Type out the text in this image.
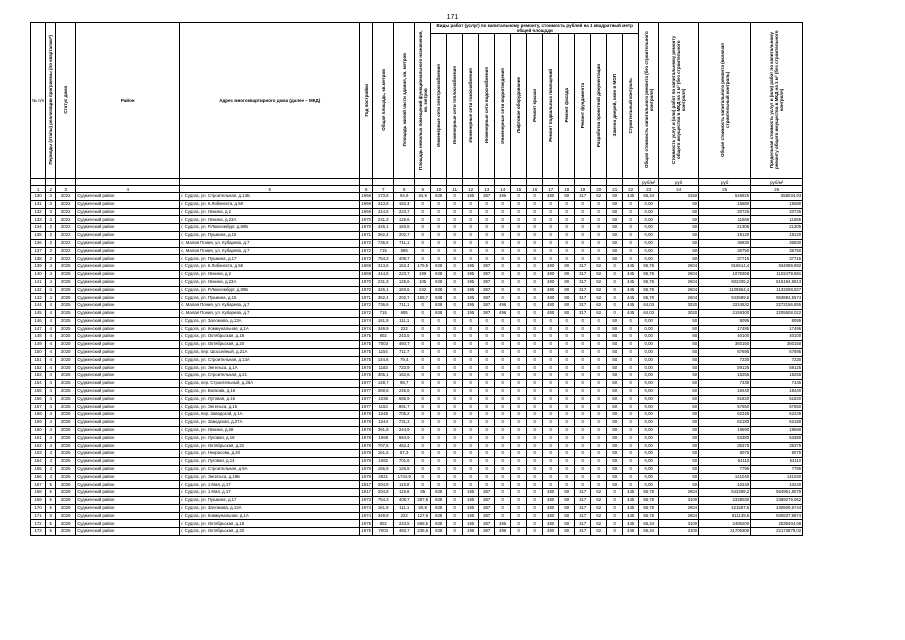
171
№ п/п	Периоды (этапы) реализации программы (по кварталам*)	Статус дома	Район	Адрес многоквартирного дома (далее – МКД)	Год постройки	Общая площадь, кв.метров	Площадь жилой части здания, кв. метров	Площадь нежилых помещений функционального назначения, кв. метров	Виды работ (услуг) по капитальному ремонту, стоимость рублей на 1 квадратный метр общей площади													Общая стоимость капитального ремонта (без строительного контроля)	Стоимость услуг и (или) работ по капитальному ремонту общего имущества в МКД на 1 м² (без строительного контроля)	Общая стоимость капитального ремонта (включая строительный контроль)	Предельная стоимость услуг и (или) работ по капитальному ремонту общего имущества в МКД на 1 м² (без строительного контроля)
									Инженерные сети электроснабжения	Инженерные сети теплоснабжения	Инженерные сети газоснабжения	Инженерные сети водоснабжения	Инженерные сети водоотведения	Лифтовое оборудование	Ремонт крыши	Ремонт подвальных помещений	Ремонт фасада	Ремонт фундамента	Разработка проектной документации	Замена дверей, окон в МОП	Строительный контроль				
																						руб/м²	руб	руб	руб/м²
1	2	3	4	5	6	7	8	9	10	11	12	13	14	15	16	17	18	19	20	21	22	23	24	25	26
130	3	2022	Судженский район	г. Судога, ул. Строительная, д.13Б	1968	173,5	94,9	84,9	638	0	195	387	496	0	0	480	80	317	62	50	445	66,34	3150	546925	558034,93
131	3	2022	Судженский район	г. Судога, ул. К.Либкнехта, д.58	1969	313,6	152,4	0	0	0	0	0	0	0	0	0	0	0	0	50	0	0,00	50	15680	15680
132	3	2022	Судженский район	г. Судога, ул. Ленина, д.2	1969	414,5	223,7	0	0	0	0	0	0	0	0	0	0	0	0	50	0	0,00	50	20725	20725
133	3	2022	Судженский район	г. Судога, ул. Ленина, д.23А	1970	231,3	125,6	0	0	0	0	0	0	0	0	0	0	0	0	50	0	0,00	50	11565	11565
134	3	2022	Судженский район	г. Судога, ул. Р.Люксембург, д.80Б	1970	426,1	183,6	0	0	0	0	0	0	0	0	0	0	0	0	50	0	0,00	50	21305	21305
135	3	2022	Судженский район	г. Судога, ул. Пушкина, д.15	1971	362,4	202,7	0	0	0	0	0	0	0	0	0	0	0	0	50	0	0,00	50	18120	18120
136	3	2022	Судженский район	с. Малая Пония, ул. Кубарева, д.7	1972	736,6	711,1	0	0	0	0	0	0	0	0	0	0	0	0	50	0	0,00	50	36830	36830
137	3	2022	Судженский район	с. Малая Пония, ул. Кубарева, д.7	1972	715	685	0	0	0	0	0	0	0	0	0	0	0	0	50	0	0,00	50	35750	35750
138	3	2022	Судженский район	г. Судога, ул. Пушкина, д.17	1973	754,3	408,7	0	0	0	0	0	0	0	0	0	0	0	0	50	0	0,00	50	37715	37715
139	4	2025	Судженский район	г. Судога, ул. К.Либкнехта, д.58	1969	313,6	152,4	179,5	638	0	195	387	0	0	0	480	80	317	62	0	445	55,78	2604	816614,4	834089,982
140	4	2025	Судженский район	г. Судога, ул. Ленина, д.2	1969	414,5	223,7	189	638	0	195	387	0	0	0	480	80	317	62	0	445	55,78	2604	1079358	1102479,581
141	4	2025	Судженский район	г. Судога, ул. Ленина, д.23А	1970	231,3	125,6	105	638	0	195	387	0	0	0	480	80	317	62	0	445	55,78	2604	602305,2	615194,5813
142	4	2025	Судженский район	г. Судога, ул. Р.Люксембург, д.80Б	1970	426,1	183,6	242	638	0	195	387	0	0	0	480	80	317	62	0	445	55,78	2604	1109554,4	1133288,827
143	4	2025	Судженский район	г. Судога, ул. Пушкина, д.15	1971	362,4	202,7	159,7	638	0	195	387	0	0	0	480	80	317	62	0	445	55,78	2604	943689,6	963884,5574
144	4	2025	Судженский район	с. Малая Пония, ул. Кубарева, д.7	1972	736,6	711,1	0	638	0	195	387	496	0	0	480	80	317	62	0	445	64,03	3020	2224532	2272156,855
145	4	2025	Судженский район	с. Малая Пония, ул. Кубарева, д.7	1972	715	685	0	638	0	195	387	496	0	0	480	80	317	62	0	445	64,03	3020	2159300	2205508,022
146	4	2025	Судженский район	г. Судога, ул. Заломова, д.13А	1974	161,9	111,1	0	0	0	0	0	0	0	0	0	0	0	0	50	0	0,00	50	8095	8095
147	4	2025	Судженский район	г. Судога, ул. Коммунальная, д.1А	1974	349,9	222	0	0	0	0	0	0	0	0	0	0	0	0	50	0	0,00	50	17495	17495
148	4	2025	Судженский район	г. Судога, ул. Октябрьская, д.18	1975	802	243,5	0	0	0	0	0	0	0	0	0	0	0	0	50	0	0,00	50	40100	40100
149	4	2025	Судженский район	г. Судога, ул. Октябрьская, д.20	1975	7003	460,7	0	0	0	0	0	0	0	0	0	0	0	0	50	0	0,00	50	350150	350150
150	4	2025	Судженский район	г. Судога, пер. Шоссейный, д.21А	1975	1154	711,7	0	0	0	0	0	0	0	0	0	0	0	0	50	0	0,00	50	57695	57695
151	4	2025	Судженский район	г. Судога, ул. Строительная, д.13А	1975	144,6	79,4	0	0	0	0	0	0	0	0	0	0	0	0	50	0	0,00	50	7230	7230
152	4	2025	Судженский район	г. Судога, ул. Энгельса, д.1А	1976	1183	723,9	0	0	0	0	0	0	0	0	0	0	0	0	50	0	0,00	50	59125	59125
153	4	2025	Судженский район	г. Судога, ул. Строительная, д.21	1976	305,1	162,6	0	0	0	0	0	0	0	0	0	0	0	0	50	0	0,00	50	15255	15255
154	4	2025	Судженский район	г. Судога, пер. Строительный, д.25А	1977	148,7	98,7	0	0	0	0	0	0	0	0	0	0	0	0	50	0	0,00	50	7435	7435
155	4	2025	Судженский район	г. Судога, ул. Волкова, д.16	1977	368,8	245,6	0	0	0	0	0	0	0	0	0	0	0	0	50	0	0,00	50	18440	18440
156	4	2025	Судженский район	г. Судога, ул. Лутовая, д.16	1977	1036	685,9	0	0	0	0	0	0	0	0	0	0	0	0	50	0	0,00	50	51820	51820
157	4	2025	Судженский район	г. Судога, ул. Энгельса, д.15	1977	1153	891,7	0	0	0	0	0	0	0	0	0	0	0	0	50	0	0,00	50	57650	57650
158	4	2025	Судженский район	г. Судога, пер. Заводской, д.1А	1978	1245	705,2	0	0	0	0	0	0	0	0	0	0	0	0	50	0	0,00	50	62245	62245
159	4	2025	Судженский район	г. Судога, ул. Заводская, д.27А	1978	1244	731,3	0	0	0	0	0	0	0	0	0	0	0	0	50	0	0,00	50	62180	62180
160	4	2025	Судженский район	г. Судога, ул. Ленина, д.28	1978	391,8	244,9	0	0	0	0	0	0	0	0	0	0	0	0	50	0	0,00	50	19590	19590
161	4	2025	Судженский район	г. Судога, ул. Луговая, д.18	1978	1068	684,9	0	0	0	0	0	0	0	0	0	0	0	0	50	0	0,00	50	53380	53380
162	4	2025	Судженский район	г. Судога, ул. Октябрьская, д.22	1978	707,5	462,4	0	0	0	0	0	0	0	0	0	0	0	0	50	0	0,00	50	35375	35375
163	4	2025	Судженский район	г. Судога, ул. Некрасова, д.20	1978	161,5	87,3	0	0	0	0	0	0	0	0	0	0	0	0	50	0	0,00	50	8075	8075
164	4	2025	Судженский район	г. Судога, ул. Луговая, д.14	1979	1082	701,6	0	0	0	0	0	0	0	0	0	0	0	0	50	0	0,00	50	54110	54110
165	4	2025	Судженский район	г. Судога, ул. Строительная, д.9А	1979	155,9	126,5	0	0	0	0	0	0	0	0	0	0	0	0	50	0	0,00	50	7795	7795
166	4	2025	Судженский район	г. Судога, ул. Энгельса, д.19Б	1979	2821	1734,9	0	0	0	0	0	0	0	0	0	0	0	0	50	0	0,00	50	141040	141040
167	5	2028	Судженский район	г. Судога, ул. 1 Мая, д.17	1917	204,8	119,8	0	0	0	0	0	0	0	0	0	0	0	0	50	0	0,00	50	10240	10240
168	5	2028	Судженский район	г. Судога, ул. 1 Мая, д.17	1917	204,8	119,8	85	638	0	195	387	0	0	0	480	80	317	62	0	445	55,78	2604	543398,2	554951,8079
169	5	2028	Судженский район	г. Судога, ул. Пушкина, д.17	1973	754,3	408,7	287,8	638	0	195	387	0	0	0	480	80	317	62	0	445	55,78	3100	2338030	2389279,062
170	5	2028	Судженский район	г. Судога, ул. Заломова, д.13А	1974	161,9	111,1	50,8	638	0	195	387	0	0	0	480	80	317	62	0	445	55,78	2604	421587,6	430609,5744
171	5	2028	Судженский район	г. Судога, ул. Коммунальная, д.1А	1974	349,9	222	127,9	638	0	195	387	0	0	0	480	80	317	62	0	445	55,78	2604	911139,6	930637,9874
172	5	2028	Судженский район	г. Судога, ул. Октябрьская, д.18	1975	802	243,5	558,5	638	0	195	387	496	0	0	480	80	317	62	0	445	66,34	3100	2486200	2539404,68
173	5	2028	Судженский район	г. Судога, ул. Октябрьская, д.20	1975	7003	460,7	236,6	638	0	195	387	496	0	0	480	80	317	62	0	445	66,34	3100	21709300	22173879,02
